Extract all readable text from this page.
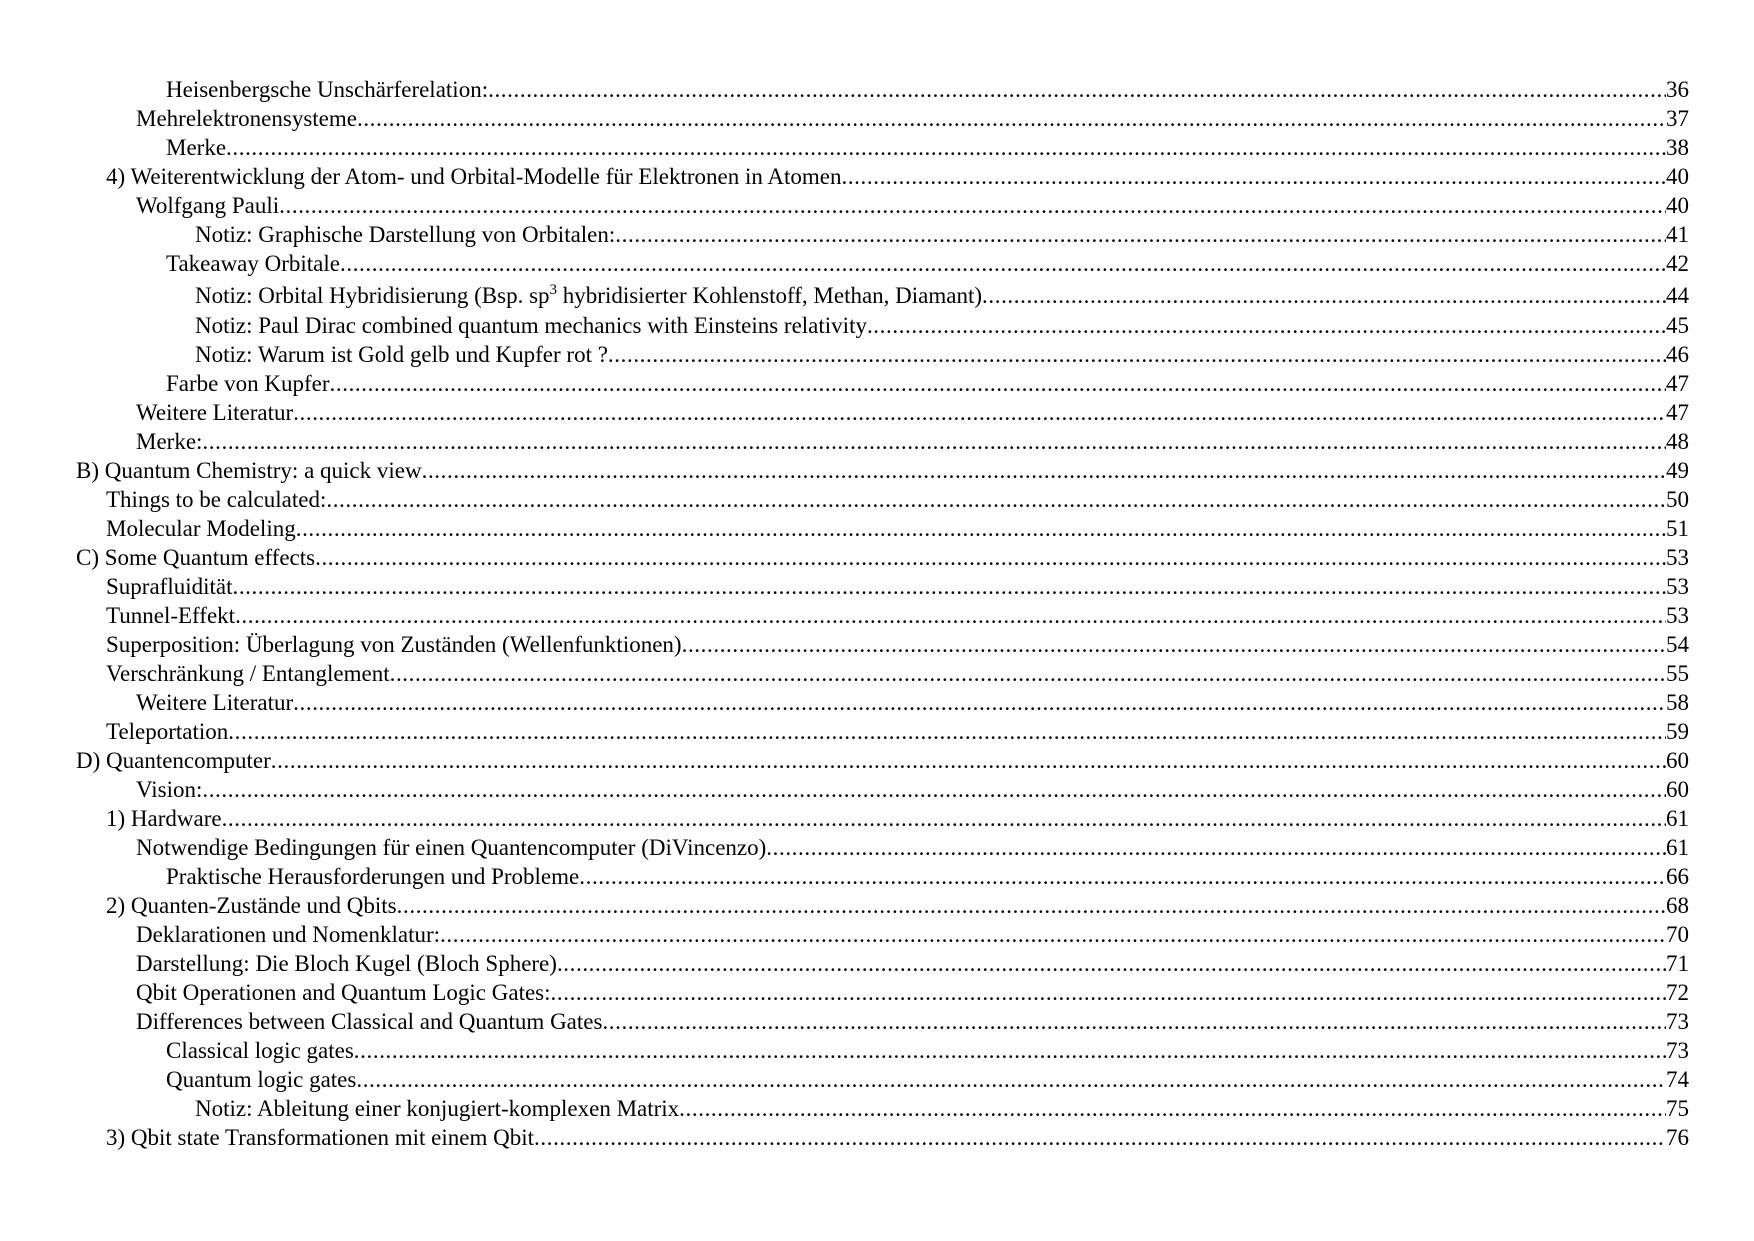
Heisenbergsche Unschärferelation: .....	36
Mehrelektronensysteme .....	37
Merke .....	38
4) Weiterentwicklung der Atom- und Orbital-Modelle für Elektronen in Atomen .....	40
Wolfgang Pauli .....	40
Notiz: Graphische Darstellung von Orbitalen: .....	41
Takeaway Orbitale .....	42
Notiz: Orbital Hybridisierung (Bsp. $sp^3$ hybridisierter Kohlenstoff, Methan, Diamant) .....	44
Notiz: Paul Dirac combined quantum mechanics with Einsteins relativity .....	45
Notiz: Warum ist Gold gelb und Kupfer rot ? .....	46
Farbe von Kupfer .....	47
Weitere Literatur .....	47
Merke: .....	48
B) Quantum Chemistry: a quick view .....	49
Things to be calculated: .....	50
Molecular Modeling .....	51
C) Some Quantum effects .....	53
Suprafluidität .....	53
Tunnel-Effekt .....	53
Superposition: Überlagung von Zuständen (Wellenfunktionen) .....	54
Verschränkung / Entanglement .....	55
Weitere Literatur .....	58
Teleportation .....	59
D) Quantencomputer .....	60
Vision: .....	60
1) Hardware .....	61
Notwendige Bedingungen für einen Quantencomputer (DiVincenzo) .....	61
Praktische Herausforderungen und Probleme .....	66
2) Quanten-Zustände und Qbits .....	68
Deklarationen und Nomenklatur: .....	70
Darstellung: Die Bloch Kugel (Bloch Sphere) .....	71
Qbit Operationen and Quantum Logic Gates: .....	72
Differences between Classical and Quantum Gates .....	73
Classical logic gates .....	73
Quantum logic gates .....	74
Notiz: Ableitung einer konjugiert-komplexen Matrix .....	75
3) Qbit state Transformationen mit einem Qbit .....	76
